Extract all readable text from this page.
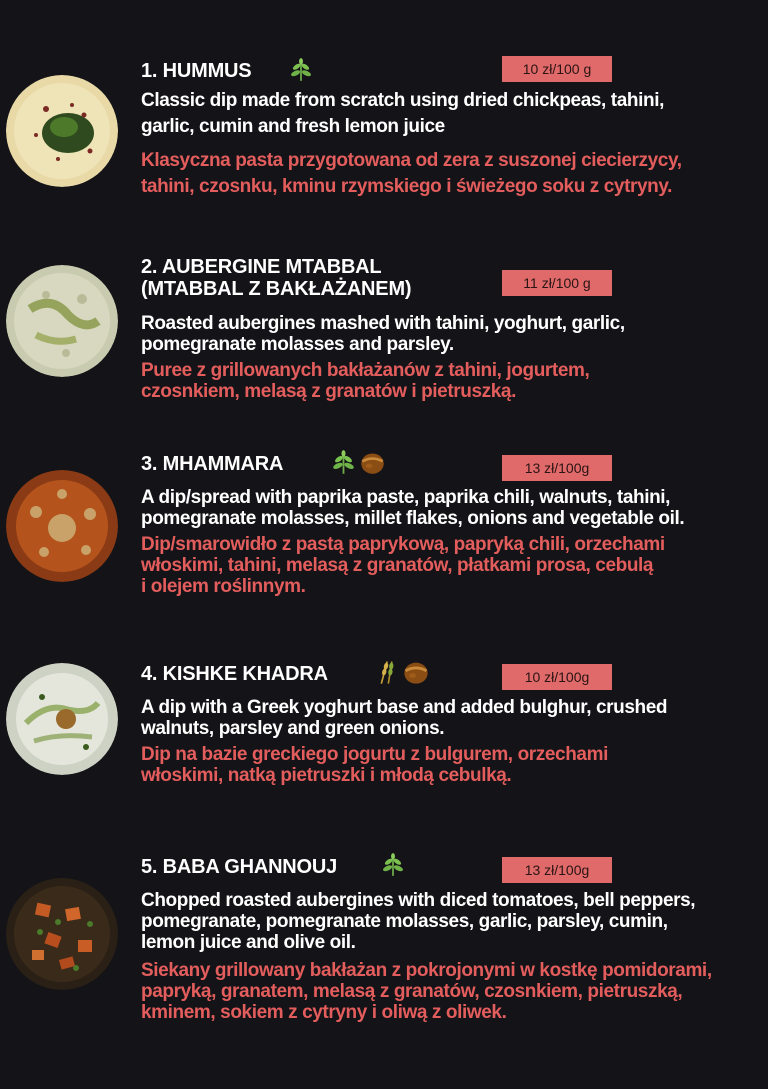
1. HUMMUS	10 zł/100 g
Classic dip made from scratch using dried chickpeas, tahini,
garlic, cumin and fresh lemon juice
Klasyczna pasta przygotowana od zera z suszonej ciecierzycy,
tahini, czosnku, kminu rzymskiego i świeżego soku z cytryny.
2. AUBERGINE MTABBAL
(MTABBAL Z BAKŁAŻANEM)	11 zł/100 g
Roasted aubergines mashed with tahini, yoghurt, garlic,
pomegranate molasses and parsley.
Puree z grillowanych bakłażanów z tahini, jogurtem,
czosnkiem, melasą z granatów i pietruszką.
3. MHAMMARA	13 zł/100g
A dip/spread with paprika paste, paprika chili, walnuts, tahini,
pomegranate molasses, millet flakes, onions and vegetable oil.
Dip/smarowidło z pastą paprykową, papryką chili, orzechami
włoskimi, tahini, melasą z granatów, płatkami prosa, cebulą
i olejem roślinnym.
4. KISHKE KHADRA	10 zł/100g
A dip with a Greek yoghurt base and added bulghur, crushed
walnuts, parsley and green onions.
Dip na bazie greckiego jogurtu z bulgurem, orzechami
włoskimi, natką pietruszki i młodą cebulką.
5. BABA GHANNOUJ	13 zł/100g
Chopped roasted aubergines with diced tomatoes, bell peppers,
pomegranate, pomegranate molasses, garlic, parsley, cumin,
lemon juice and olive oil.
Siekany grillowany bakłażan z pokrojonymi w kostkę pomidorami,
papryką, granatem, melasą z granatów, czosnkiem, pietruszką,
kminem, sokiem z cytryny i oliwą z oliwek.
